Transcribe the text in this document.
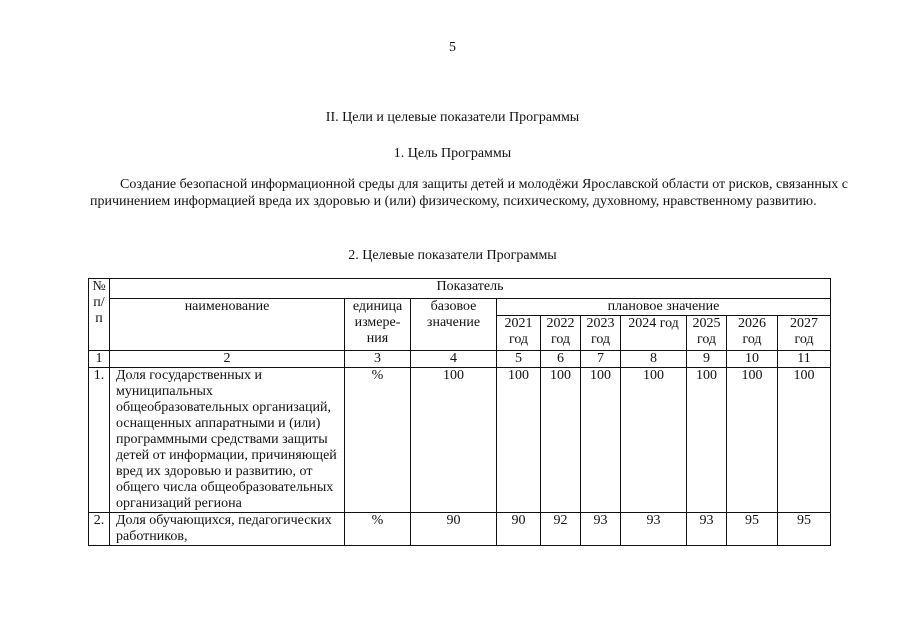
5
II. Цели и целевые показатели Программы
1. Цель Программы
Создание безопасной информационной среды для защиты детей и молодёжи Ярославской области от рисков, связанных с причинением информацией вреда их здоровью и (или) физическому, психическому, духовному, нравственному развитию.
2. Целевые показатели Программы
№ п/п	Показатель									
	наименование	единица измере-ния	базовое значение	плановое значение						
				2021 год	2022 год	2023 год	2024 год	2025 год	2026 год	2027 год
1	2	3	4	5	6	7	8	9	10	11
1.	Доля государственных и муниципальных общеобразовательных организаций, оснащенных аппаратными и (или) программными средствами защиты детей от информации, причиняющей вред их здоровью и развитию, от общего числа общеобразовательных организаций региона	%	100	100	100	100	100	100	100	100
2.	Доля обучающихся, педагогических работников,	%	90	90	92	93	93	93	95	95
